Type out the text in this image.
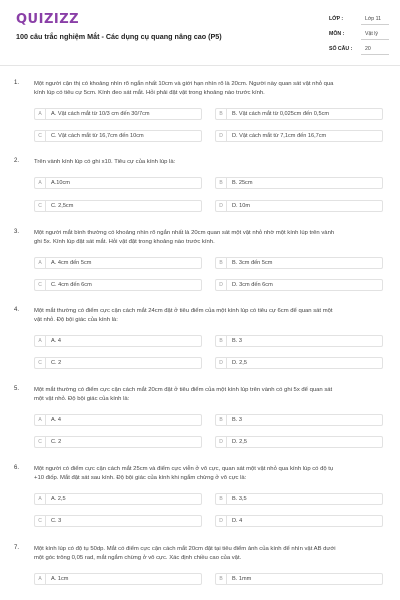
QUIZIZZ
100 câu trắc nghiệm Mắt - Các dụng cụ quang nâng cao (P5)
LỚP :	Lớp 11
MÔN :	Vật lý
SỐ CÂU : 20
1.	Một người cận thị có khoảng nhìn rõ ngắn nhất 10cm và giới hạn nhìn rõ là 20cm. Người này quan sát vật nhỏ qua
kính lúp có tiêu cự 5cm. Kính đeo sát mắt. Hỏi phải đặt vật trong khoảng nào trước kính.
A	A. Vật cách mắt từ 10/3 cm đến 30/7cm	B	B. Vật cách mắt từ 0,025cm đến 0,5cm
C	C. Vật cách mắt từ 16,7cm đến 10cm	D	D. Vật cách mắt từ 7,1cm đến 16,7cm
2.	Trên vành kính lúp có ghi x10. Tiêu cự của kính lúp là:
A	A.10cm	B	B. 25cm
C	C. 2,5cm	D	D. 10m
3.	Một người mắt bình thường có khoảng nhìn rõ ngắn nhất là 20cm quan sát một vật nhỏ nhờ một kính lúp trên vành
ghi 5x. Kính lúp đặt sát mắt. Hỏi vật đặt trong khoảng nào trước kính.
A	A. 4cm đến 5cm	B	B. 3cm đến 5cm
C	C. 4cm đến 6cm	D	D. 3cm đến 6cm
4.	Một mắt thường có điểm cực cận cách mắt 24cm đặt ở tiêu điểm của một kính lúp có tiêu cự 6cm để quan sát một
vật nhỏ. Độ bội giác của kính là:
A	A. 4	B	B. 3
C	C. 2	D	D. 2,5
5.	Một mắt thường có điểm cực cận cách mắt 20cm đặt ở tiêu điểm của một kính lúp trên vành có ghi 5x để quan sát
một vật nhỏ. Độ bội giác của kính là:
A	A. 4	B	B. 3
C	C. 2	D	D. 2,5
6.	Một người có điểm cực cận cách mắt 25cm và điểm cực viễn ở vô cực, quan sát một vật nhỏ qua kính lúp có độ tụ
+10 điốp. Mắt đặt sát sau kính. Độ bội giác của kính khi ngắm chừng ở vô cực là:
A	A. 2,5	B	B. 3,5
C	C. 3	D	D. 4
7.	Một kính lúp có độ tụ 50dp. Mắt có điểm cực cận cách mắt 20cm đặt tại tiêu điểm ảnh của kính để nhìn vật AB dưới
một góc trông 0,05 rad, mắt ngắm chừng ở vô cực. Xác định chiều cao của vật.
A	A. 1cm	B	B. 1mm
